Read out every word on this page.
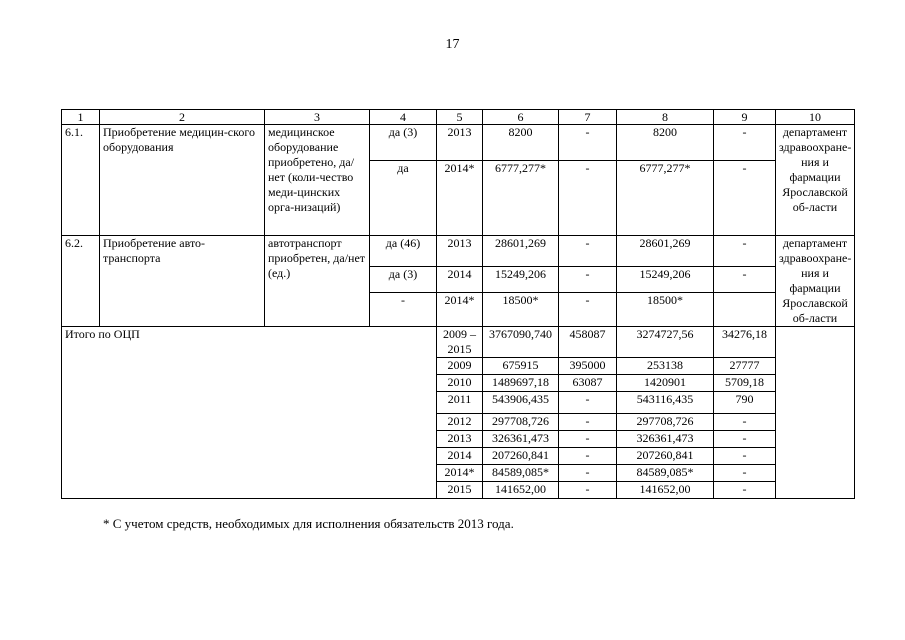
17
1	2	3	4	5	6	7	8	9	10
6.1.	Приобретение медицин-ского оборудования	медицинское оборудование приобретено, да/нет (коли-чество меди-цинских орга-низаций)	да (3)	2013	8200	-	8200	-	департамент здравоохране-ния и фармации Ярославской об-ласти
			да	2014*	6777,277*	-	6777,277*	-	
6.2.	Приобретение авто-транспорта	автотранспорт приобретен, да/нет (ед.)	да (46)	2013	28601,269	-	28601,269	-	департамент здравоохране-ния и фармации Ярославской об-ласти
			да (3)	2014	15249,206	-	15249,206	-	
			-	2014*	18500*	-	18500*		
Итого по ОЦП				2009 – 2015	3767090,740	458087	3274727,56	34276,18	
				2009	675915	395000	253138	27777	
				2010	1489697,18	63087	1420901	5709,18	
				2011	543906,435	-	543116,435	790	
				2012	297708,726	-	297708,726	-	
				2013	326361,473	-	326361,473	-	
				2014	207260,841	-	207260,841	-	
				2014*	84589,085*	-	84589,085*	-	
				2015	141652,00	-	141652,00	-	
* С учетом средств, необходимых для исполнения обязательств 2013 года.
